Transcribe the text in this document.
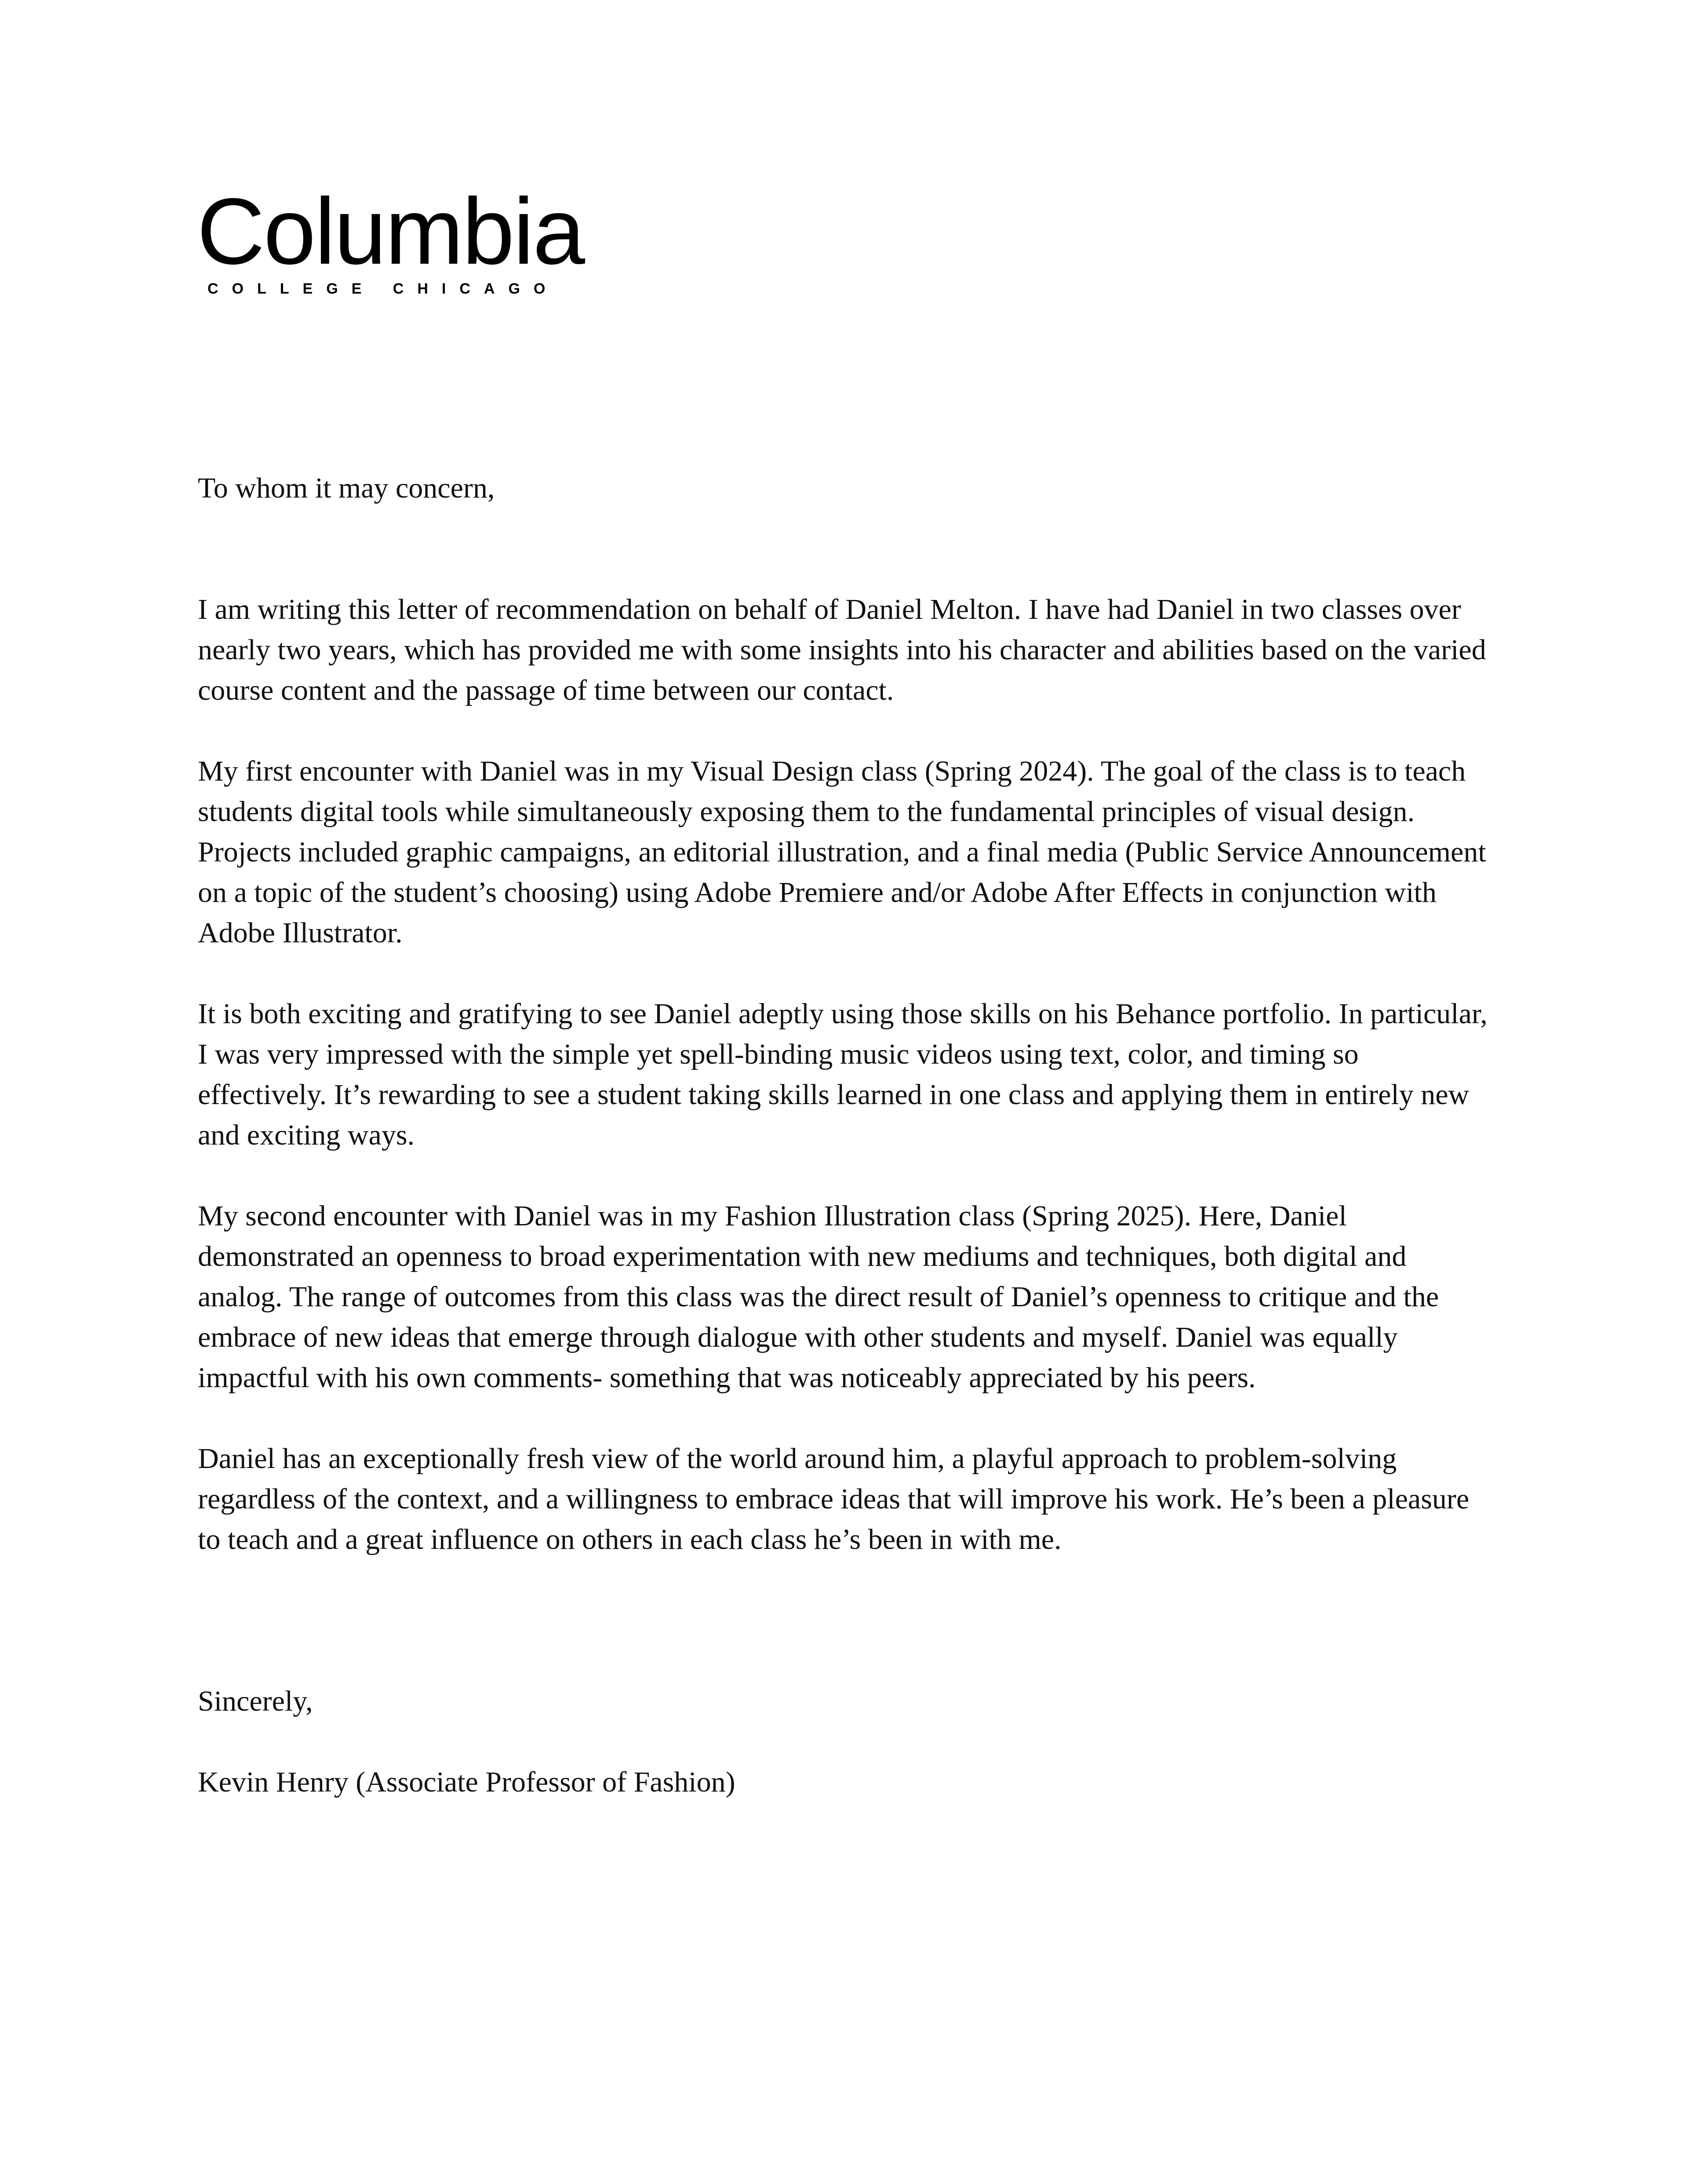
Columbia
COLLEGE CHICAGO

To whom it may concern,

I am writing this letter of recommendation on behalf of Daniel Melton. I have had Daniel in two classes over nearly two years, which has provided me with some insights into his character and abilities based on the varied course content and the passage of time between our contact.

My first encounter with Daniel was in my Visual Design class (Spring 2024). The goal of the class is to teach students digital tools while simultaneously exposing them to the fundamental principles of visual design. Projects included graphic campaigns, an editorial illustration, and a final media (Public Service Announcement on a topic of the student’s choosing) using Adobe Premiere and/or Adobe After Effects in conjunction with Adobe Illustrator.

It is both exciting and gratifying to see Daniel adeptly using those skills on his Behance portfolio. In particular, I was very impressed with the simple yet spell-binding music videos using text, color, and timing so effectively. It’s rewarding to see a student taking skills learned in one class and applying them in entirely new and exciting ways.

My second encounter with Daniel was in my Fashion Illustration class (Spring 2025). Here, Daniel demonstrated an openness to broad experimentation with new mediums and techniques, both digital and analog. The range of outcomes from this class was the direct result of Daniel’s openness to critique and the embrace of new ideas that emerge through dialogue with other students and myself. Daniel was equally impactful with his own comments- something that was noticeably appreciated by his peers.

Daniel has an exceptionally fresh view of the world around him, a playful approach to problem-solving regardless of the context, and a willingness to embrace ideas that will improve his work. He’s been a pleasure to teach and a great influence on others in each class he’s been in with me.

Sincerely,

Kevin Henry (Associate Professor of Fashion)
